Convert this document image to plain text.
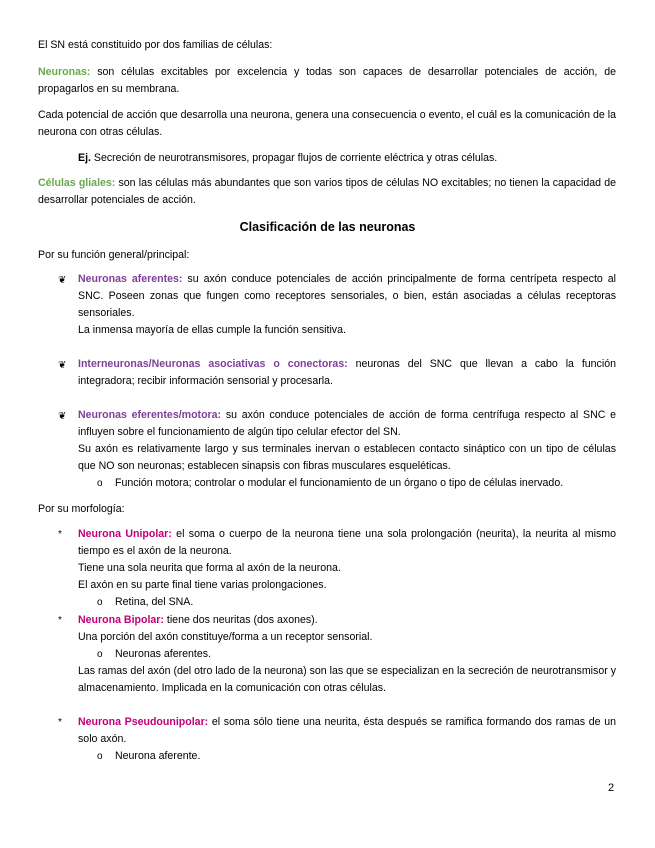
El SN está constituido por dos familias de células:

Neuronas: son células excitables por excelencia y todas son capaces de desarrollar potenciales de acción, de propagarlos en su membrana.

Cada potencial de acción que desarrolla una neurona, genera una consecuencia o evento, el cuál es la comunicación de la neurona con otras células.

Ej. Secreción de neurotransmisores, propagar flujos de corriente eléctrica y otras células.

Células gliales: son las células más abundantes que son varios tipos de células NO excitables; no tienen la capacidad de desarrollar potenciales de acción.

Clasificación de las neuronas

Por su función general/principal:

❦ Neuronas aferentes: su axón conduce potenciales de acción principalmente de forma centrípeta respecto al SNC. Poseen zonas que fungen como receptores sensoriales, o bien, están asociadas a células receptoras sensoriales.

La inmensa mayoría de ellas cumple la función sensitiva.

❦ Interneuronas/Neuronas asociativas o conectoras: neuronas del SNC que llevan a cabo la función integradora; recibir información sensorial y procesarla.

❦ Neuronas eferentes/motora: su axón conduce potenciales de acción de forma centrífuga respecto al SNC e influyen sobre el funcionamiento de algún tipo celular efector del SN.

Su axón es relativamente largo y sus terminales inervan o establecen contacto sináptico con un tipo de células que NO son neuronas; establecen sinapsis con fibras musculares esqueléticas.

o Función motora; controlar o modular el funcionamiento de un órgano o tipo de células inervado.

Por su morfología:

* Neurona Unipolar: el soma o cuerpo de la neurona tiene una sola prolongación (neurita), la neurita al mismo tiempo es el axón de la neurona.

Tiene una sola neurita que forma al axón de la neurona.

El axón en su parte final tiene varias prolongaciones.

o Retina, del SNA.

* Neurona Bipolar: tiene dos neuritas (dos axones).

Una porción del axón constituye/forma a un receptor sensorial.

o Neuronas aferentes.

Las ramas del axón (del otro lado de la neurona) son las que se especializan en la secreción de neurotransmisor y almacenamiento. Implicada en la comunicación con otras células.

* Neurona Pseudounipolar: el soma sólo tiene una neurita, ésta después se ramifica formando dos ramas de un solo axón.

o Neurona aferente.

2
